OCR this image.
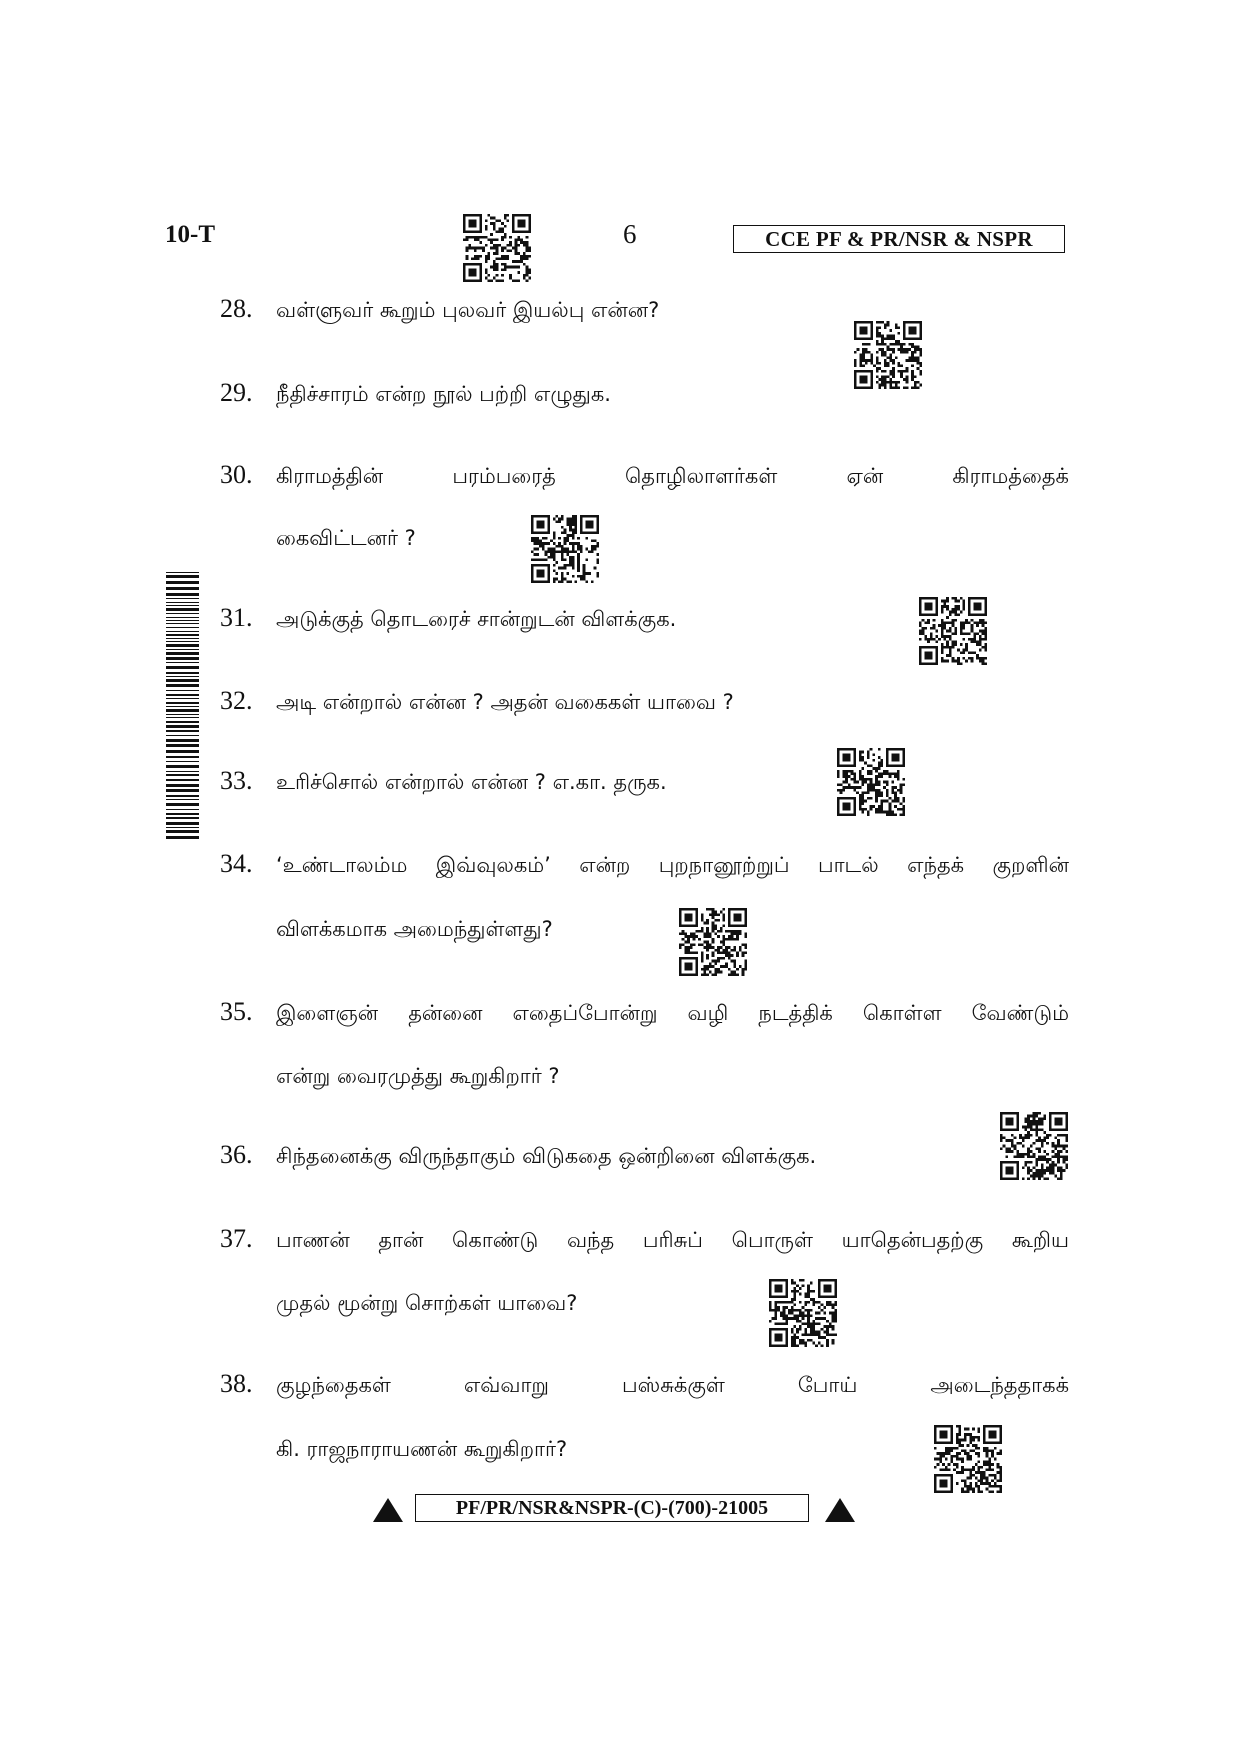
10-T	6	CCE PF & PR/NSR & NSPR
28.	வள்ளுவர் கூறும் புலவர் இயல்பு என்ன?
29.	நீதிச்சாரம் என்ற நூல் பற்றி எழுதுக.
30.	கிராமத்தின்	பரம்பரைத்	தொழிலாளர்கள்	ஏன்	கிராமத்தைக்
கைவிட்டனர் ?
31.	அடுக்குத் தொடரைச் சான்றுடன் விளக்குக.
32.	அடி என்றால் என்ன ? அதன் வகைகள் யாவை ?
33.	உரிச்சொல் என்றால் என்ன ? எ.கா. தருக.
34.	‘உண்டாலம்ம இவ்வுலகம்’ என்ற புறநானூற்றுப் பாடல் எந்தக் குறளின்
விளக்கமாக அமைந்துள்ளது?
35.	இளைஞன் தன்னை எதைப்போன்று வழி நடத்திக் கொள்ள வேண்டும்
என்று வைரமுத்து கூறுகிறார் ?
36.	சிந்தனைக்கு விருந்தாகும் விடுகதை ஒன்றினை விளக்குக.
37.	பாணன் தான் கொண்டு வந்த பரிசுப் பொருள் யாதென்பதற்கு கூறிய
முதல் மூன்று சொற்கள் யாவை?
38.	குழந்தைகள்	எவ்வாறு	பஸ்சுக்குள்	போய்	அடைந்ததாகக்
கி. ராஜநாராயணன் கூறுகிறார்?
PF/PR/NSR&NSPR-(C)-(700)-21005
